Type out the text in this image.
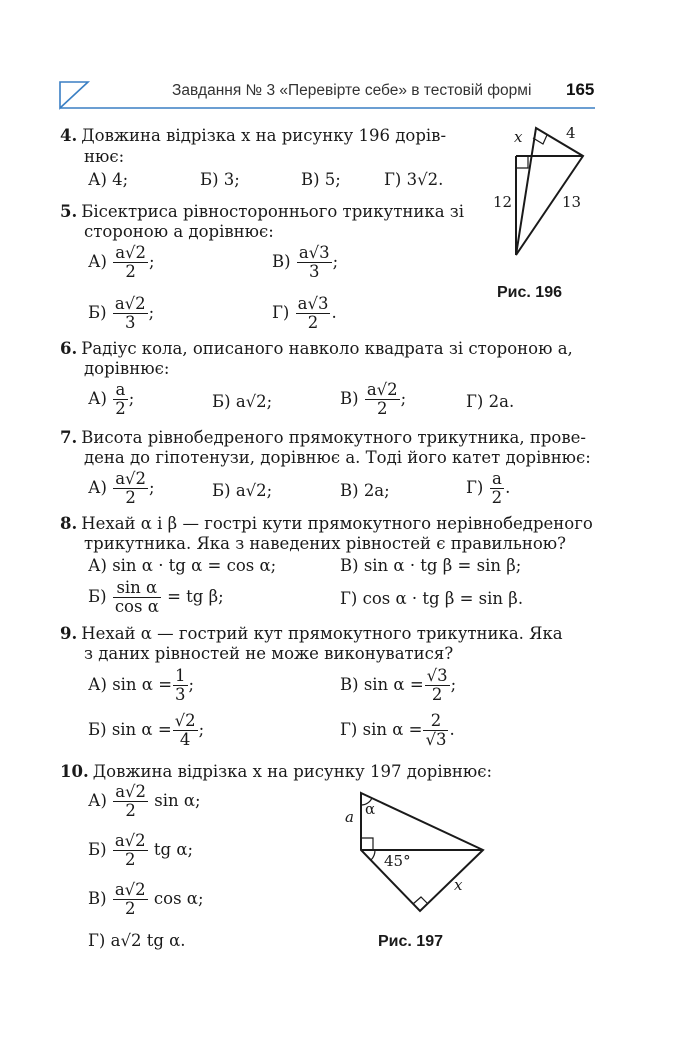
Завдання № 3 «Перевірте себе» в тестовій формі 165
4. Довжина відрізка x на рисунку 196 дорів-
нює:
А) 4;	Б) 3;	В) 5;	Г) 3√2.
5. Бісектриса рівностороннього трикутника зі
стороною a дорівнює:
$А) \frac{a√2}{2}$ ;	$В) \frac{a√3}{3}$ ;
$Б) \frac{a√2}{3}$ ;	$Г) \frac{a√3}{2}$ .
x	4
12	13
Рис. 196
6. Радіус кола, описаного навколо квадрата зі стороною a,
дорівнює:
$А) \frac{a}{2}$ ;	Б) a√2;	$В) \frac{a√2}{2}$ ;	Г) 2a.
7. Висота рівнобедреного прямокутного трикутника, прове-
дена до гіпотенузи, дорівнює a. Тоді його катет дорівнює:
$А) \frac{a√2}{2}$ ;	Б) a√2;	В) 2a;	$Г) \frac{a}{2}$ .
8. Нехай α і β — гострі кути прямокутного нерівнобедреного
трикутника. Яка з наведених рівностей є правильною?
А) sin α · tg α = cos α;	В) sin α · tg β = sin β;
$Б) \frac{\text{sin α}}{\text{cos α}}$ = tg β;	Г) cos α · tg β = sin β.
9. Нехай α — гострий кут прямокутного трикутника. Яка
з даних рівностей не може виконуватися?
А) $\sin \alpha = \frac{1}{3}$ ;	В) $\sin \alpha = \frac{√3}{2}$ ;
Б) $\sin \alpha = \frac{√2}{4}$ ;	Г) $\sin \alpha = \frac{2}{√3}$ .
10. Довжина відрізка x на рисунку 197 дорівнює:
$А) \frac{a√2}{2}$ sin α;
$Б) \frac{a√2}{2}$ tg α;
$В) \frac{a√2}{2}$ cos α;
Г) a√2 tg α.
a α
45°
x
Рис. 197
